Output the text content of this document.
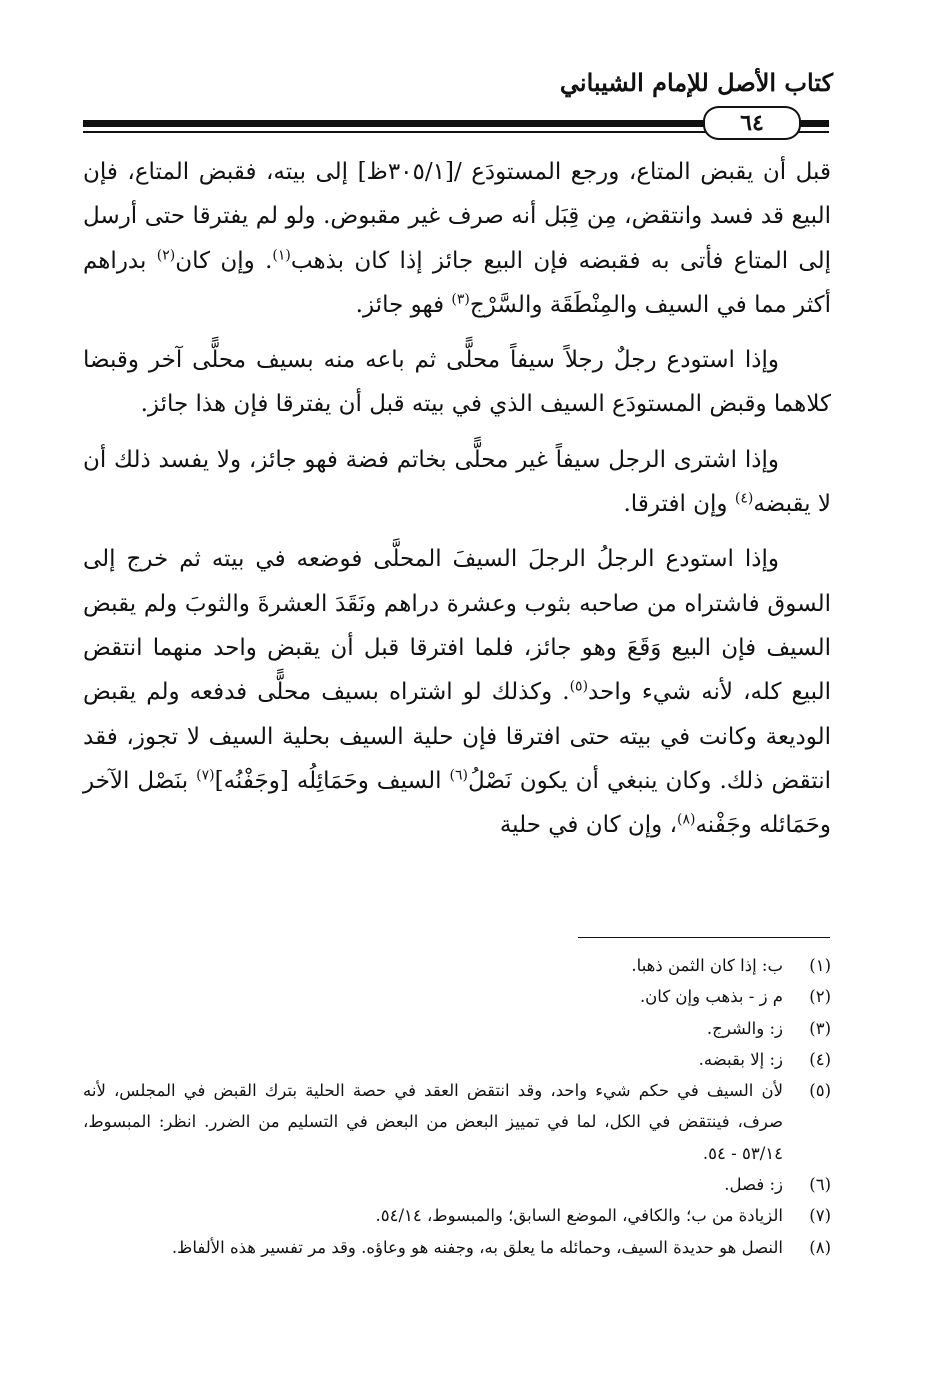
كتاب الأصل للإمام الشيباني
٦٤

قبل أن يقبض المتاع، ورجع المستودَع /[٣٠٥/١ظ] إلى بيته، فقبض المتاع، فإن البيع قد فسد وانتقض، مِن قِبَل أنه صرف غير مقبوض. ولو لم يفترقا حتى أرسل إلى المتاع فأتى به فقبضه فإن البيع جائز إذا كان بذهب$^{(١)}$. وإن كان$^{(٢)}$ بدراهم أكثر مما في السيف والمِنْطَقَة والسَّرْج$^{(٣)}$ فهو جائز.

وإذا استودع رجلٌ رجلاً سيفاً محلًّى ثم باعه منه بسيف محلًّى آخر وقبضا كلاهما وقبض المستودَع السيف الذي في بيته قبل أن يفترقا فإن هذا جائز.

وإذا اشترى الرجل سيفاً غير محلًّى بخاتم فضة فهو جائز، ولا يفسد ذلك أن لا يقبضه$^{(٤)}$ وإن افترقا.

وإذا استودع الرجلُ الرجلَ السيفَ المحلَّى فوضعه في بيته ثم خرج إلى السوق فاشتراه من صاحبه بثوب وعشرة دراهم ونَقَدَ العشرةَ والثوبَ ولم يقبض السيف فإن البيع وَقَعَ وهو جائز، فلما افترقا قبل أن يقبض واحد منهما انتقض البيع كله، لأنه شيء واحد$^{(٥)}$. وكذلك لو اشتراه بسيف محلًّى فدفعه ولم يقبض الوديعة وكانت في بيته حتى افترقا فإن حلية السيف بحلية السيف لا تجوز، فقد انتقض ذلك. وكان ينبغي أن يكون نَصْلُ$^{(٦)}$ السيف وحَمَائِلُه [وجَفْنُه]$^{(٧)}$ بنَصْل الآخر وحَمَائله وجَفْنه$^{(٨)}$، وإن كان في حلية

(١)
ب: إذا كان الثمن ذهبا.
(٢)
م ز - بذهب وإن كان.
(٣)
ز: والشرج.
(٤)
ز: إلا بقبضه.
(٥)
لأن السيف في حكم شيء واحد، وقد انتقض العقد في حصة الحلية بترك القبض في المجلس، لأنه صرف، فينتقض في الكل، لما في تمييز البعض من البعض في التسليم من الضرر. انظر: المبسوط، ٥٣/١٤ - ٥٤.
(٦)
ز: فصل.
(٧)
الزيادة من ب؛ والكافي، الموضع السابق؛ والمبسوط، ٥٤/١٤.
(٨)
النصل هو حديدة السيف، وحمائله ما يعلق به، وجفنه هو وعاؤه. وقد مر تفسير هذه الألفاظ.
